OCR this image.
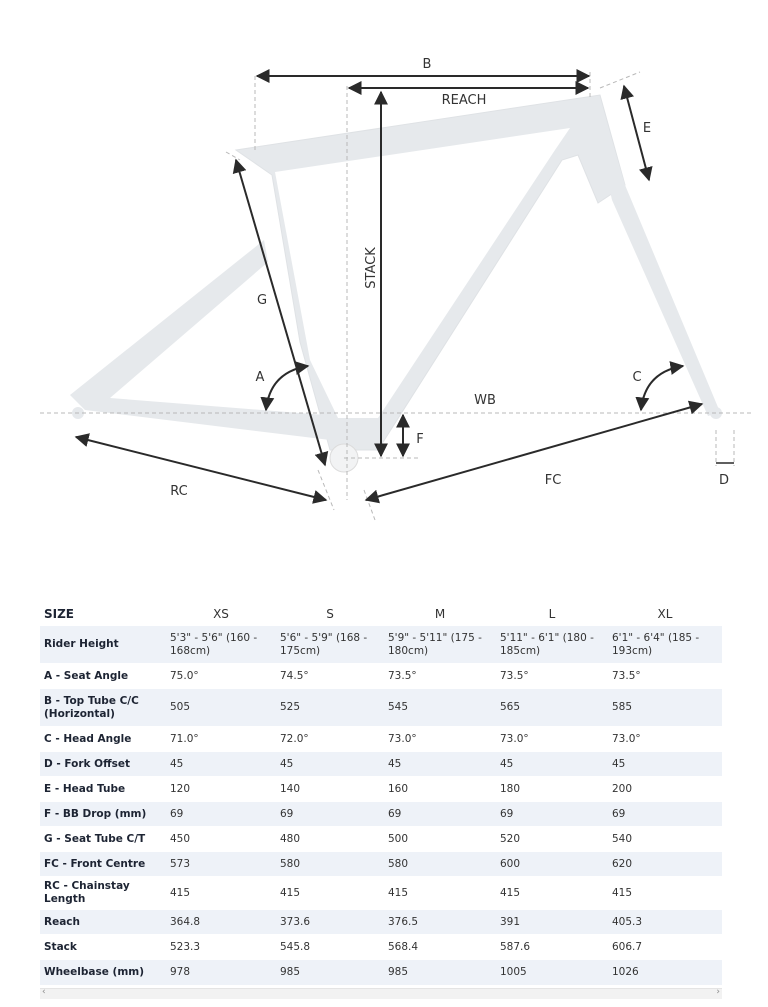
B
REACH
E
STACK
G
A	C
WB
F
RC
FC	D
SIZE	XS	S	M	L	XL
Rider Height	5'3" - 5'6" (160 - 168cm)	5'6" - 5'9" (168 - 175cm)	5'9" - 5'11" (175 - 180cm)	5'11" - 6'1" (180 - 185cm)	6'1" - 6'4" (185 - 193cm)
A - Seat Angle	75.0°	74.5°	73.5°	73.5°	73.5°
B - Top Tube C/C (Horizontal)	505	525	545	565	585
C - Head Angle	71.0°	72.0°	73.0°	73.0°	73.0°
D - Fork Offset	45	45	45	45	45
E - Head Tube	120	140	160	180	200
F - BB Drop (mm)	69	69	69	69	69
G - Seat Tube C/T	450	480	500	520	540
FC - Front Centre	573	580	580	600	620
RC - Chainstay Length	415	415	415	415	415
Reach	364.8	373.6	376.5	391	405.3
Stack	523.3	545.8	568.4	587.6	606.7
Wheelbase (mm)	978	985	985	1005	1026
‹	›
